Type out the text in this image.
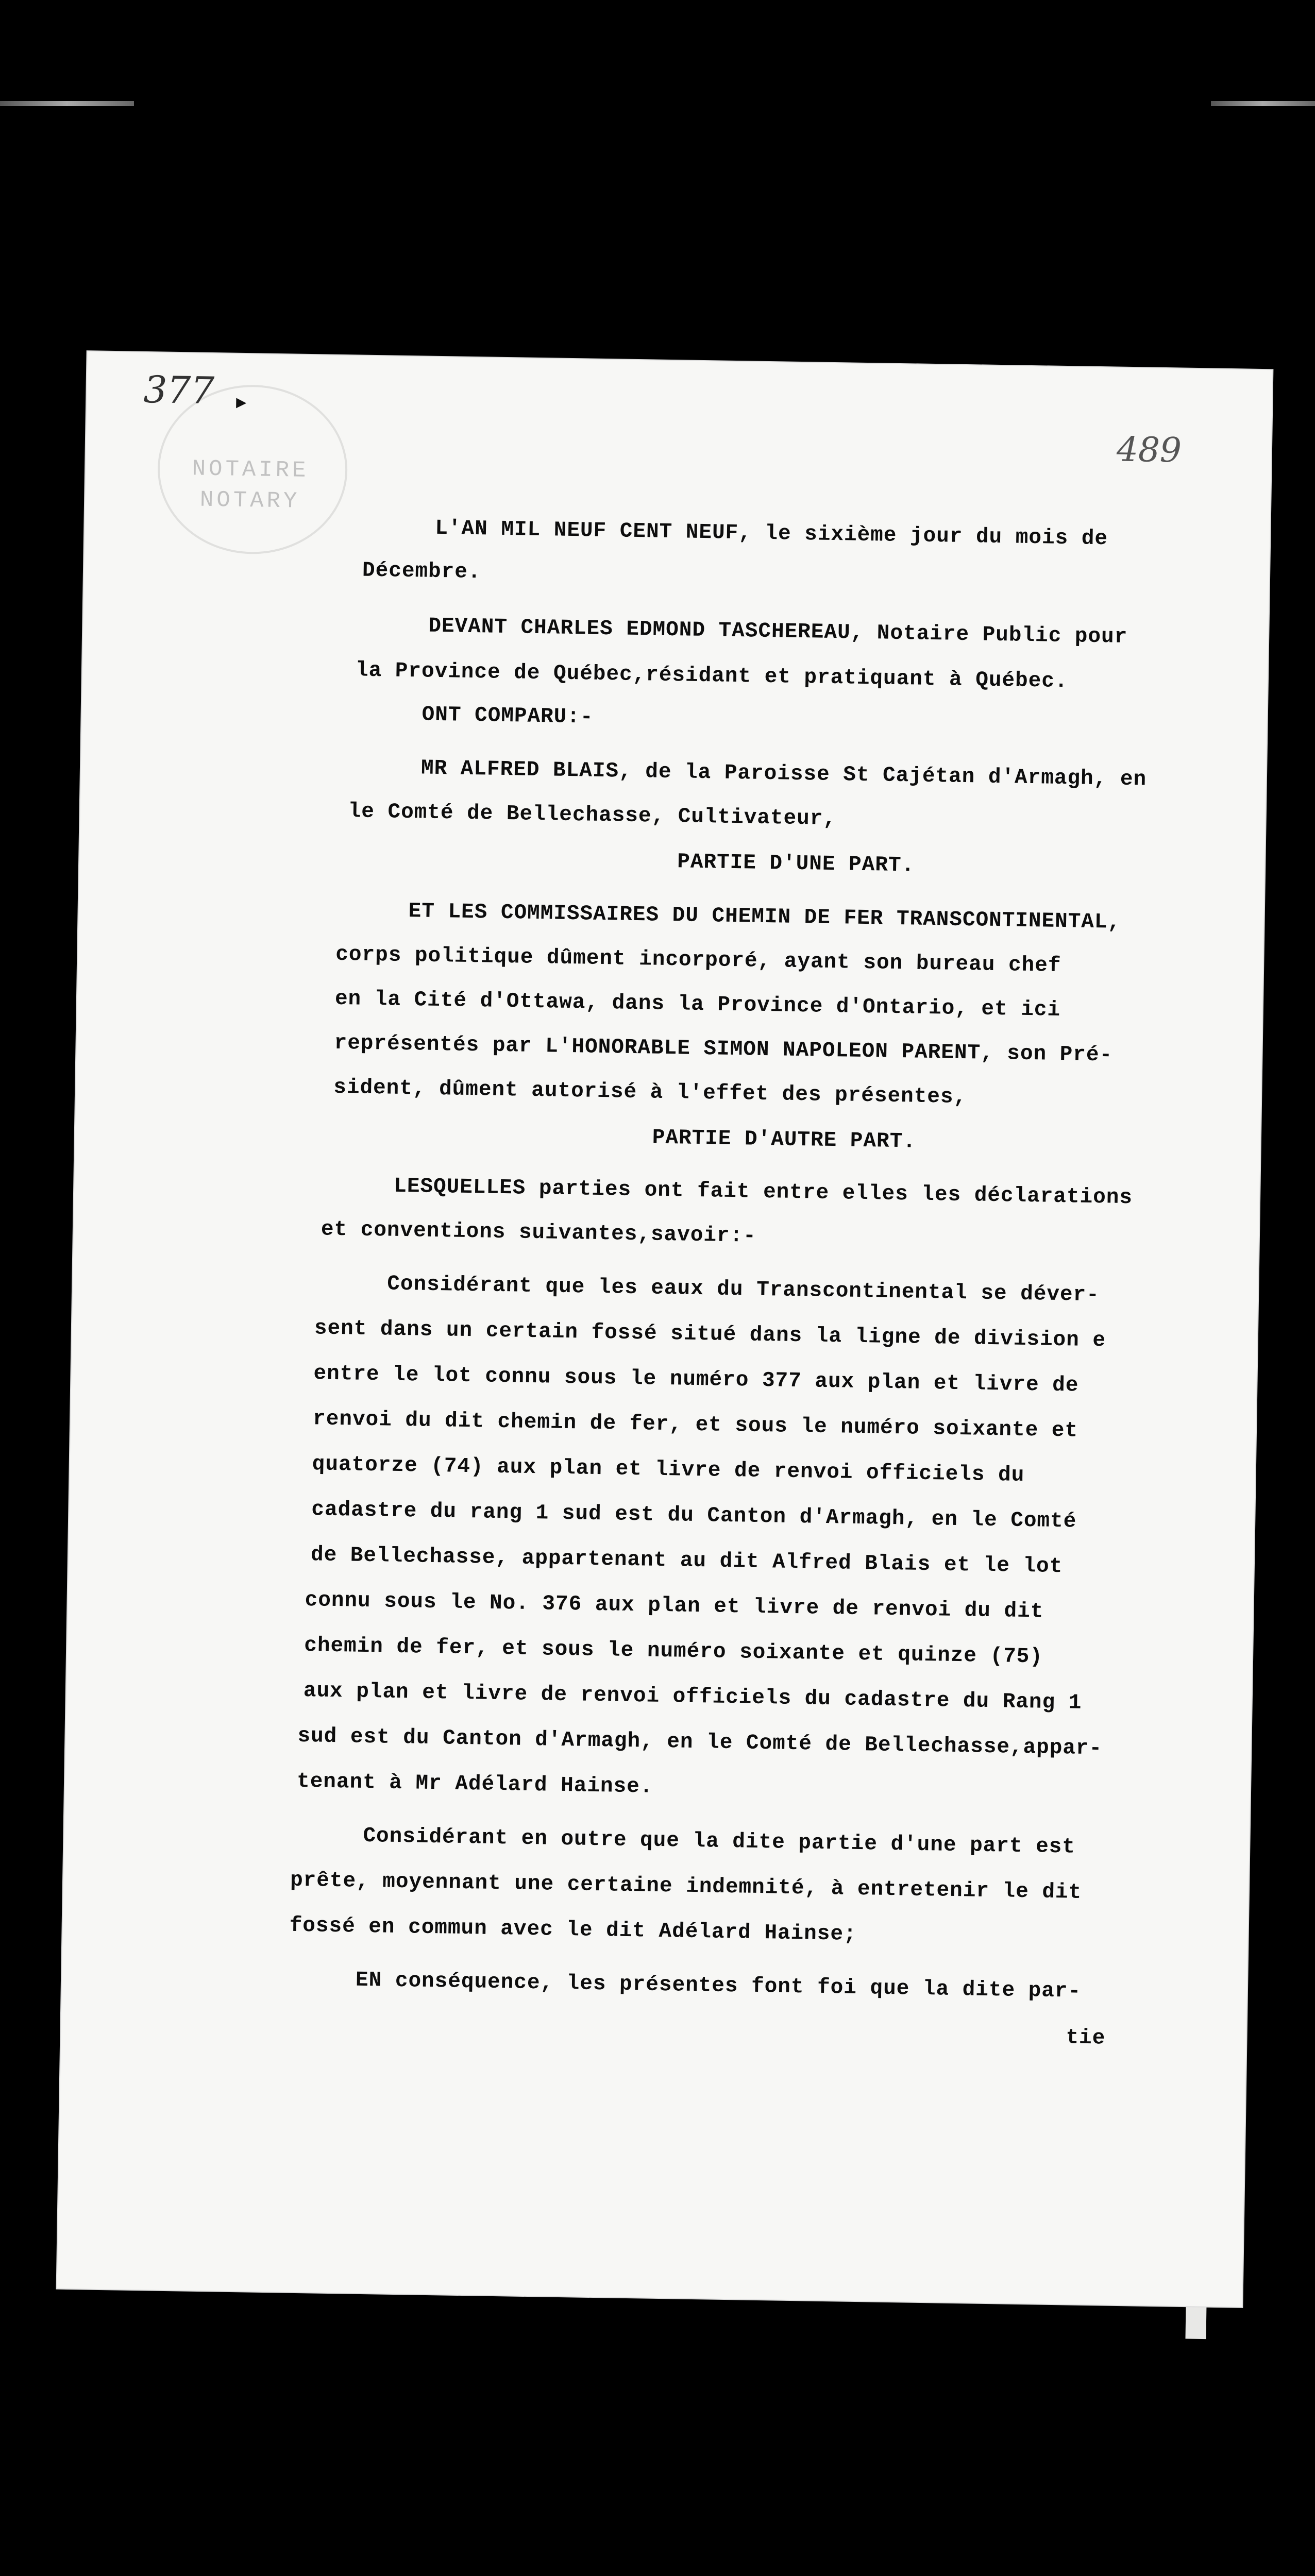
NOTAIRE
NOTARY
377 ▸
489
L'AN MIL NEUF CENT NEUF, le sixième jour du mois de
Décembre.
DEVANT CHARLES EDMOND TASCHEREAU, Notaire Public pour
la Province de Québec,résidant et pratiquant à Québec.
ONT COMPARU:-
MR ALFRED BLAIS, de la Paroisse St Cajétan d'Armagh, en
le Comté de Bellechasse, Cultivateur,
PARTIE D'UNE PART.
ET LES COMMISSAIRES DU CHEMIN DE FER TRANSCONTINENTAL,
corps politique dûment incorporé, ayant son bureau chef
en la Cité d'Ottawa, dans la Province d'Ontario, et ici
représentés par L'HONORABLE SIMON NAPOLEON PARENT, son Pré-
sident, dûment autorisé à l'effet des présentes,
PARTIE D'AUTRE PART.
LESQUELLES parties ont fait entre elles les déclarations
et conventions suivantes,savoir:-
Considérant que les eaux du Transcontinental se déver-
sent dans un certain fossé situé dans la ligne de division e
entre le lot connu sous le numéro 377 aux plan et livre de
renvoi du dit chemin de fer, et sous le numéro soixante et
quatorze (74) aux plan et livre de renvoi officiels du
cadastre du rang 1 sud est du Canton d'Armagh, en le Comté
de Bellechasse, appartenant au dit Alfred Blais et le lot
connu sous le No. 376 aux plan et livre de renvoi du dit
chemin de fer, et sous le numéro soixante et quinze (75)
aux plan et livre de renvoi officiels du cadastre du Rang 1
sud est du Canton d'Armagh, en le Comté de Bellechasse,appar-
tenant à Mr Adélard Hainse.
Considérant en outre que la dite partie d'une part est
prête, moyennant une certaine indemnité, à entretenir le dit
fossé en commun avec le dit Adélard Hainse;
EN conséquence, les présentes font foi que la dite par-
tie
